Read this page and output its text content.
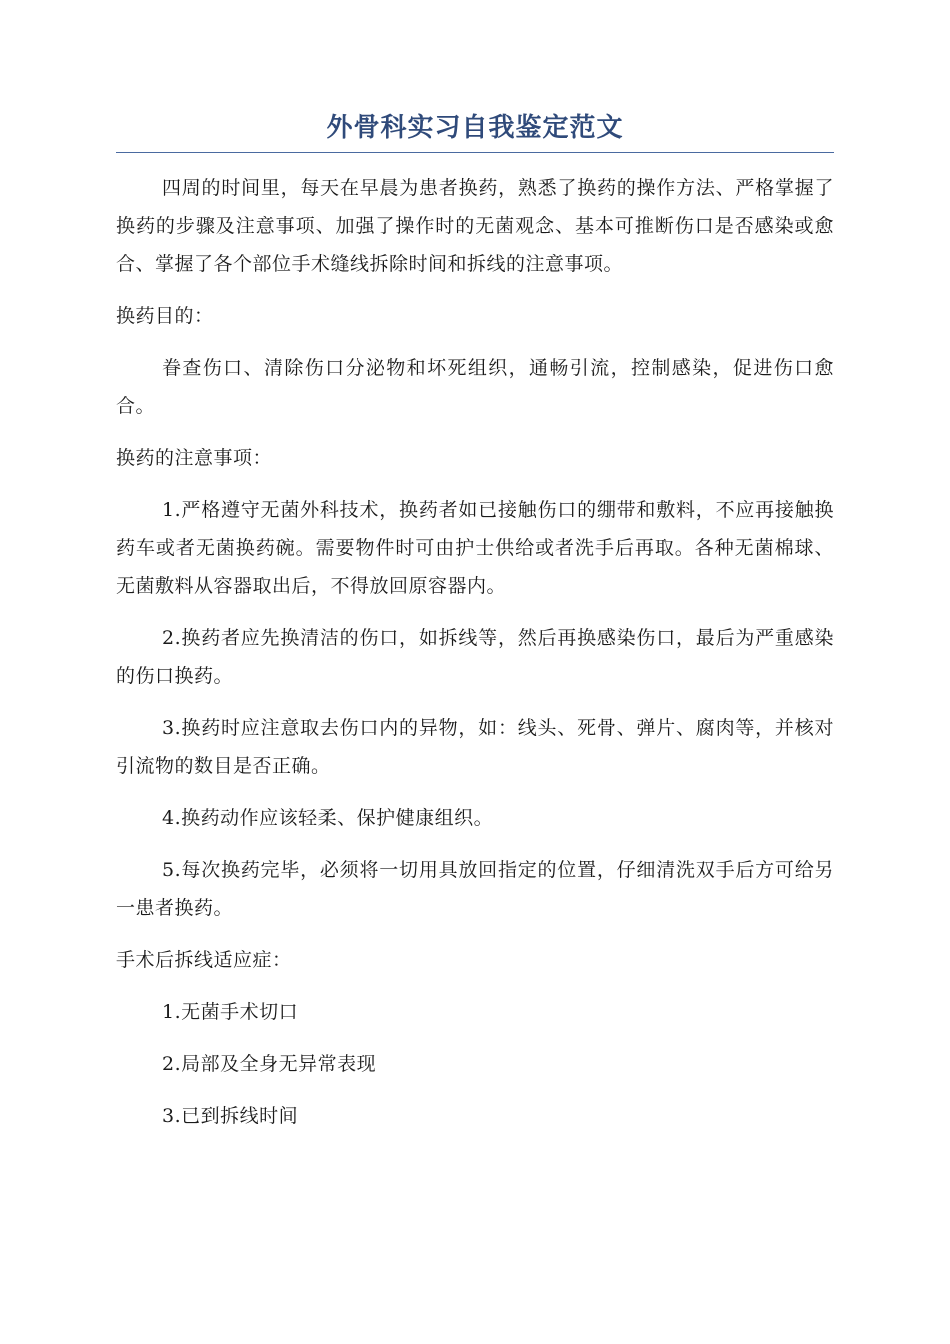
外骨科实习自我鉴定范文

四周的时间里，每天在早晨为患者换药，熟悉了换药的操作方法、严格掌握了换药的步骤及注意事项、加强了操作时的无菌观念、基本可推断伤口是否感染或愈合、掌握了各个部位手术缝线拆除时间和拆线的注意事项。

换药目的：

眷查伤口、清除伤口分泌物和坏死组织，通畅引流，控制感染，促进伤口愈合。

换药的注意事项：

1.严格遵守无菌外科技术，换药者如已接触伤口的绷带和敷料，不应再接触换药车或者无菌换药碗。需要物件时可由护士供给或者洗手后再取。各种无菌棉球、无菌敷料从容器取出后，不得放回原容器内。

2.换药者应先换清洁的伤口，如拆线等，然后再换感染伤口，最后为严重感染的伤口换药。

3.换药时应注意取去伤口内的异物，如：线头、死骨、弹片、腐肉等，并核对引流物的数目是否正确。

4.换药动作应该轻柔、保护健康组织。

5.每次换药完毕，必须将一切用具放回指定的位置，仔细清洗双手后方可给另一患者换药。

手术后拆线适应症：

1.无菌手术切口

2.局部及全身无异常表现

3.已到拆线时间
